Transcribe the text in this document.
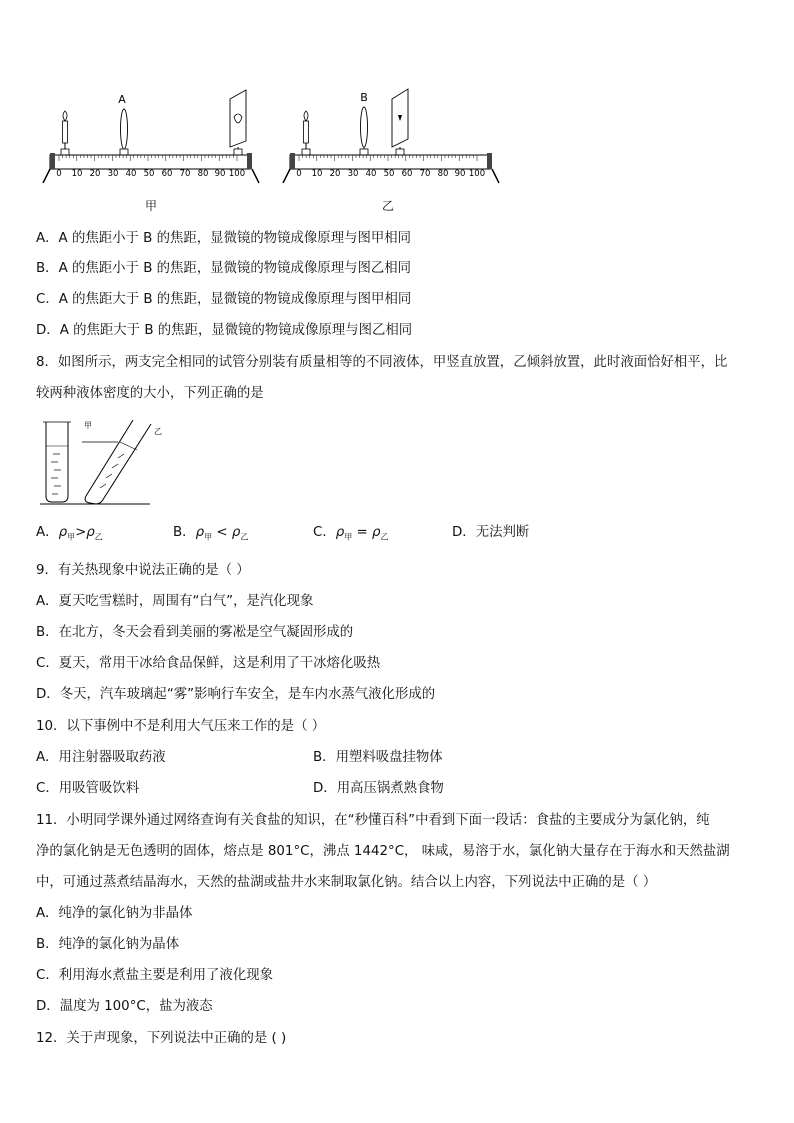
A
0 10 20 30 40 50 60 70 80 90 100
甲
B
0 10 20 30 40 50 60 70 80 90 100
乙
A．A 的焦距小于 B 的焦距，显微镜的物镜成像原理与图甲相同
B．A 的焦距小于 B 的焦距，显微镜的物镜成像原理与图乙相同
C．A 的焦距大于 B 的焦距，显微镜的物镜成像原理与图甲相同
D．A 的焦距大于 B 的焦距，显微镜的物镜成像原理与图乙相同
8．如图所示，两支完全相同的试管分别装有质量相等的不同液体，甲竖直放置，乙倾斜放置，此时液面恰好相平，比
较两种液体密度的大小，下列正确的是
甲
乙
A．$\rho_甲>\rho_乙$	B．$\rho_甲 < \rho_乙$	C．$\rho_甲 = \rho_乙$	D．无法判断
9．有关热现象中说法正确的是（ ）
A．夏天吃雪糕时，周围有“白气”，是汽化现象
B．在北方，冬天会看到美丽的雾凇是空气凝固形成的
C．夏天，常用干冰给食品保鲜，这是利用了干冰熔化吸热
D．冬天，汽车玻璃起“雾”影响行车安全，是车内水蒸气液化形成的
10．以下事例中不是利用大气压来工作的是（ ）
A．用注射器吸取药液	B．用塑料吸盘挂物体
C．用吸管吸饮料	D．用高压锅煮熟食物
11．小明同学课外通过网络查询有关食盐的知识，在“秒懂百科”中看到下面一段话：食盐的主要成分为氯化钠，纯
净的氯化钠是无色透明的固体，熔点是 801°C，沸点 1442°C， 味咸，易溶于水，氯化钠大量存在于海水和天然盐湖
中，可通过蒸煮结晶海水，天然的盐湖或盐井水来制取氯化钠。结合以上内容，下列说法中正确的是（ ）
A．纯净的氯化钠为非晶体
B．纯净的氯化钠为晶体
C．利用海水煮盐主要是利用了液化现象
D．温度为 100°C，盐为液态
12．关于声现象，下列说法中正确的是 ( )
